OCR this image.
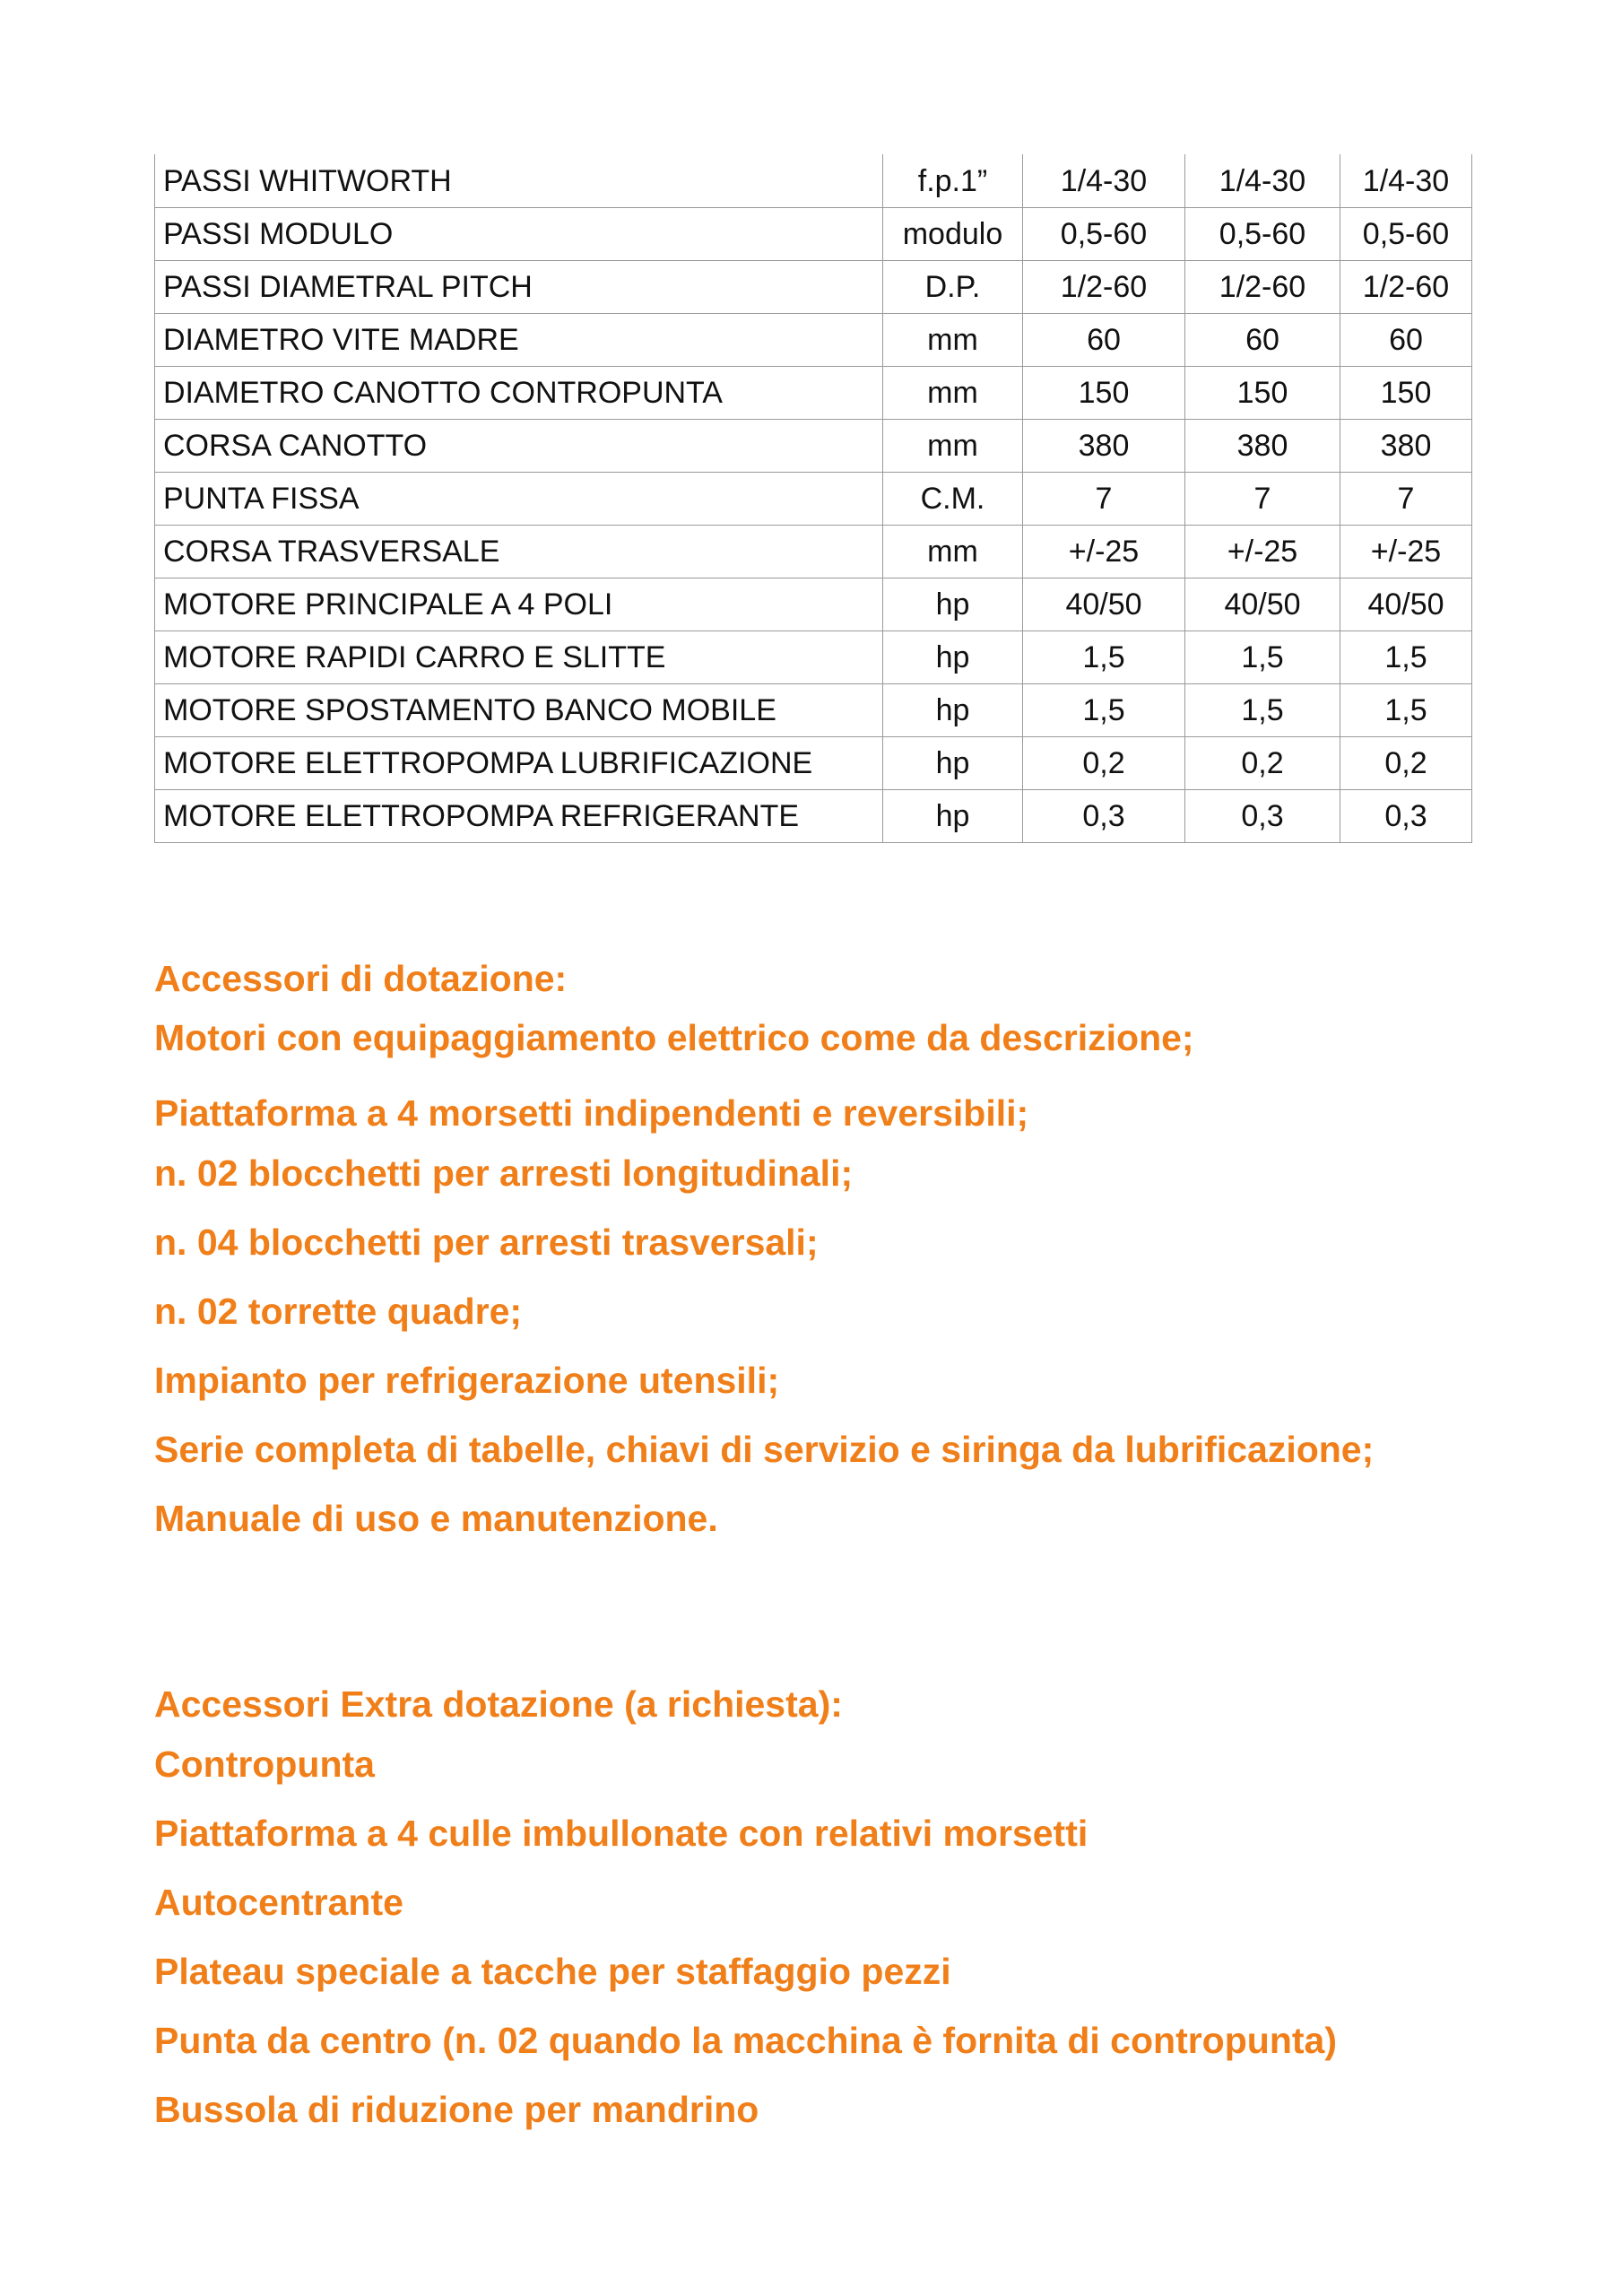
PASSI WHITWORTH	f.p.1”	1/4-30	1/4-30	1/4-30
PASSI MODULO	modulo	0,5-60	0,5-60	0,5-60
PASSI DIAMETRAL PITCH	D.P.	1/2-60	1/2-60	1/2-60
DIAMETRO VITE MADRE	mm	60	60	60
DIAMETRO CANOTTO CONTROPUNTA	mm	150	150	150
CORSA CANOTTO	mm	380	380	380
PUNTA FISSA	C.M.	7	7	7
CORSA TRASVERSALE	mm	+/-25	+/-25	+/-25
MOTORE PRINCIPALE A 4 POLI	hp	40/50	40/50	40/50
MOTORE RAPIDI CARRO E SLITTE	hp	1,5	1,5	1,5
MOTORE SPOSTAMENTO BANCO MOBILE	hp	1,5	1,5	1,5
MOTORE ELETTROPOMPA LUBRIFICAZIONE	hp	0,2	0,2	0,2
MOTORE ELETTROPOMPA REFRIGERANTE	hp	0,3	0,3	0,3

Accessori di dotazione:

Motori con equipaggiamento elettrico come da descrizione;

Piattaforma a 4 morsetti indipendenti e reversibili;

n. 02 blocchetti per arresti longitudinali;

n. 04 blocchetti per arresti trasversali;

n. 02 torrette quadre;

Impianto per refrigerazione utensili;

Serie completa di tabelle, chiavi di servizio e siringa da lubrificazione;

Manuale di uso e manutenzione.

Accessori Extra dotazione (a richiesta):

Contropunta

Piattaforma a 4 culle imbullonate con relativi morsetti

Autocentrante

Plateau speciale a tacche per staffaggio pezzi

Punta da centro (n. 02 quando la macchina è fornita di contropunta)

Bussola di riduzione per mandrino
